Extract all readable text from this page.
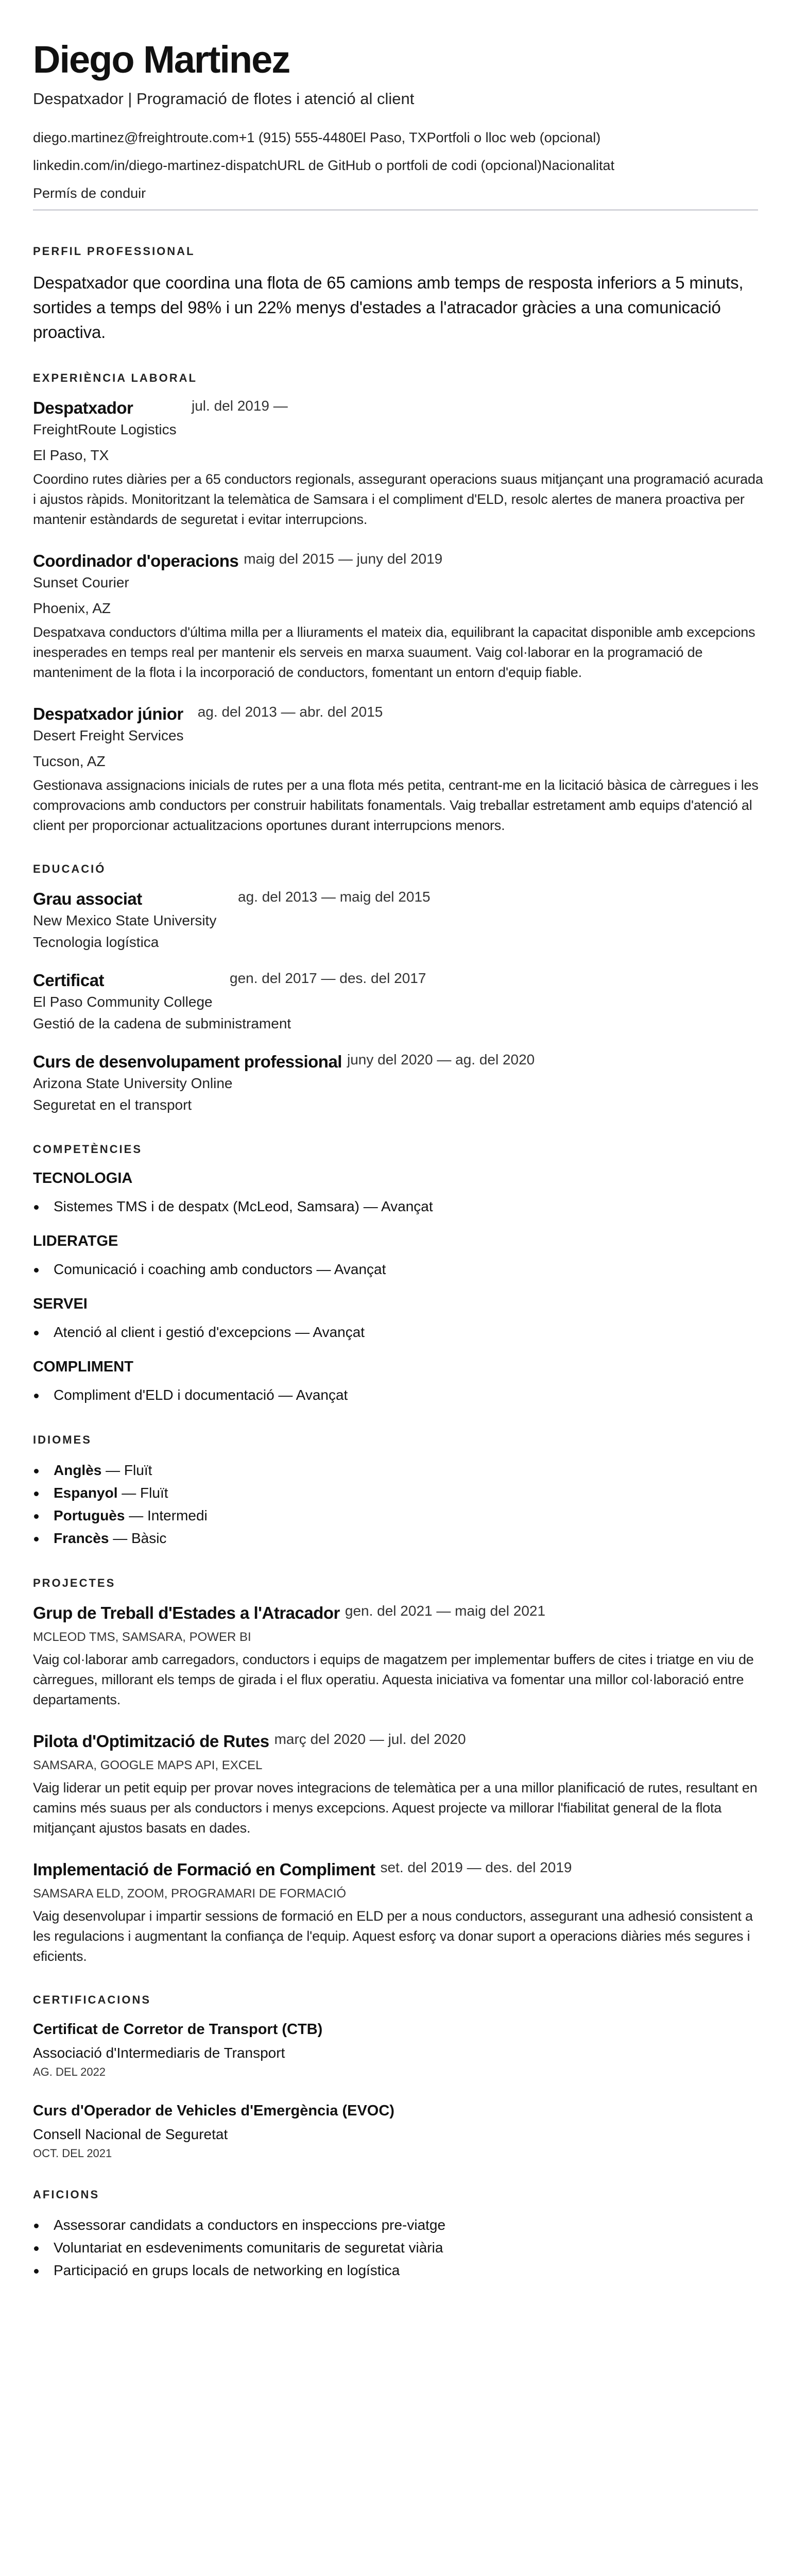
Diego Martinez
Despatxador | Programació de flotes i atenció al client
diego.martinez@freightroute.com+1 (915) 555-4480El Paso, TXPortfoli o lloc web (opcional)
linkedin.com/in/diego-martinez-dispatchURL de GitHub o portfoli de codi (opcional)Nacionalitat
Permís de conduir
PERFIL PROFESSIONAL

Despatxador que coordina una flota de 65 camions amb temps de resposta inferiors a 5 minuts, sortides a temps del 98% i un 22% menys d'estades a l'atracador gràcies a una comunicació proactiva.

EXPERIÈNCIA LABORAL
Despatxador	jul. del 2019 —
FreightRoute Logistics
El Paso, TX

Coordino rutes diàries per a 65 conductors regionals, assegurant operacions suaus mitjançant una programació acurada i ajustos ràpids. Monitoritzant la telemàtica de Samsara i el compliment d'ELD, resolc alertes de manera proactiva per mantenir estàndards de seguretat i evitar interrupcions.

Coordinador d'operacions maig del 2015 — juny del 2019
Sunset Courier
Phoenix, AZ

Despatxava conductors d'última milla per a lliuraments el mateix dia, equilibrant la capacitat disponible amb excepcions inesperades en temps real per mantenir els serveis en marxa suaument. Vaig col·laborar en la programació de manteniment de la flota i la incorporació de conductors, fomentant un entorn d'equip fiable.

Despatxador júnior ag. del 2013 — abr. del 2015
Desert Freight Services
Tucson, AZ

Gestionava assignacions inicials de rutes per a una flota més petita, centrant-me en la licitació bàsica de càrregues i les comprovacions amb conductors per construir habilitats fonamentals. Vaig treballar estretament amb equips d'atenció al client per proporcionar actualitzacions oportunes durant interrupcions menors.

EDUCACIÓ
Grau associat	ag. del 2013 — maig del 2015
New Mexico State University
Tecnologia logística
Certificat	gen. del 2017 — des. del 2017
El Paso Community College
Gestió de la cadena de subministrament
Curs de desenvolupament professional juny del 2020 — ag. del 2020
Arizona State University Online
Seguretat en el transport
COMPETÈNCIES
TECNOLOGIA
Sistemes TMS i de despatx (McLeod, Samsara) — Avançat
LIDERATGE
Comunicació i coaching amb conductors — Avançat
SERVEI
Atenció al client i gestió d'excepcions — Avançat
COMPLIMENT
Compliment d'ELD i documentació — Avançat
IDIOMES
Anglès — Fluït
Espanyol — Fluït
Portuguès — Intermedi
Francès — Bàsic
PROJECTES
Grup de Treball d'Estades a l'Atracador gen. del 2021 — maig del 2021
MCLEOD TMS, SAMSARA, POWER BI

Vaig col·laborar amb carregadors, conductors i equips de magatzem per implementar buffers de cites i triatge en viu de càrregues, millorant els temps de girada i el flux operatiu. Aquesta iniciativa va fomentar una millor col·laboració entre departaments.

Pilota d'Optimització de Rutes març del 2020 — jul. del 2020
SAMSARA, GOOGLE MAPS API, EXCEL

Vaig liderar un petit equip per provar noves integracions de telemàtica per a una millor planificació de rutes, resultant en camins més suaus per als conductors i menys excepcions. Aquest projecte va millorar l'fiabilitat general de la flota mitjançant ajustos basats en dades.

Implementació de Formació en Compliment set. del 2019 — des. del 2019
SAMSARA ELD, ZOOM, PROGRAMARI DE FORMACIÓ

Vaig desenvolupar i impartir sessions de formació en ELD per a nous conductors, assegurant una adhesió consistent a les regulacions i augmentant la confiança de l'equip. Aquest esforç va donar suport a operacions diàries més segures i eficients.

CERTIFICACIONS
Certificat de Corretor de Transport (CTB)
Associació d'Intermediaris de Transport
AG. DEL 2022
Curs d'Operador de Vehicles d'Emergència (EVOC)
Consell Nacional de Seguretat
OCT. DEL 2021
AFICIONS
Assessorar candidats a conductors en inspeccions pre-viatge
Voluntariat en esdeveniments comunitaris de seguretat viària
Participació en grups locals de networking en logística
